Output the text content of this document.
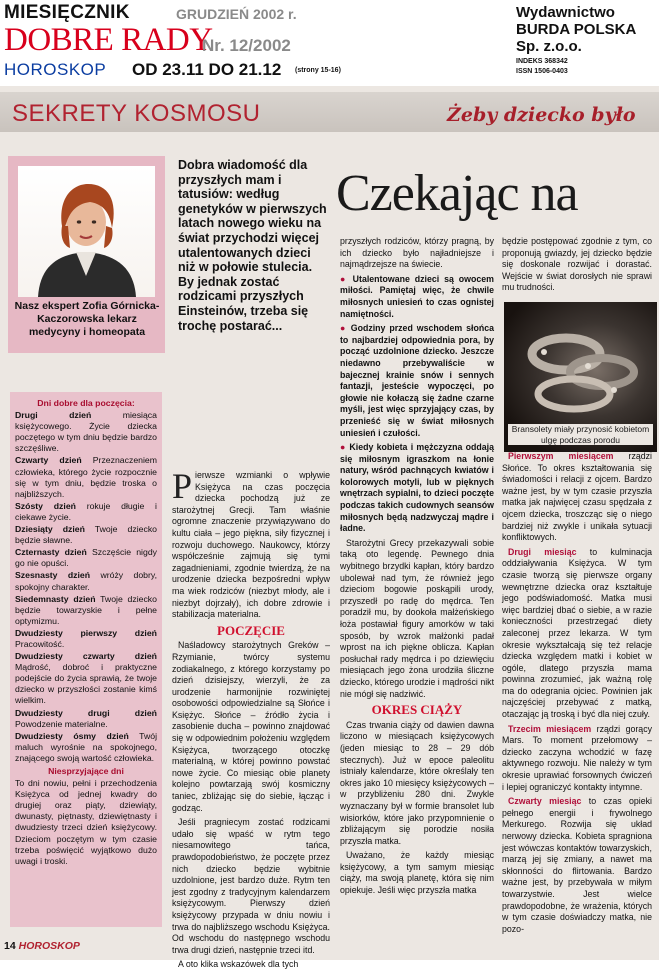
MIESIĘCZNIK	GRUDZIEŃ 2002 r.
DOBRE RADY
Nr. 12/2002
HOROSKOP OD 23.11 DO 21.12 (strony 15-16)
Wydawnictwo
BURDA POLSKA
Sp. z.o.o.
INDEKS 368342
ISSN 1506-0403
SEKRETY KOSMOSU	Żeby dziecko było
Nasz ekspert Zofia Górnicka-Kaczorowska lekarz medycyny i homeopata
Dobra wiadomość dla przyszłych mam i tatusiów: według genetyków w pierwszych latach nowego wieku na świat przychodzi więcej utalentowanych dzieci niż w połowie stulecia. By jednak zostać rodzicami przyszłych Einsteinów, trzeba się trochę postarać...
Czekając na
Dni dobre dla poczęcia:
Drugi dzień miesiąca księżycowego. Życie dziecka poczętego w tym dniu będzie bardzo szczęśliwe.
Czwarty dzień Przeznaczeniem człowieka, którego życie rozpocznie się w tym dniu, będzie troska o najbliższych.
Szósty dzień rokuje długie i ciekawe życie.
Dziesiąty dzień Twoje dziecko będzie sławne.
Czternasty dzień Szczęście nigdy go nie opuści.
Szesnasty dzień wróży dobry, spokojny charakter.
Siedemnasty dzień Twoje dziecko będzie towarzyskie i pełne optymizmu.
Dwudziesty pierwszy dzień Pracowitość.
Dwudziesty czwarty dzień Mądrość, dobroć i praktyczne podejście do życia sprawią, że twoje dziecko w przyszłości zostanie kimś wielkim.
Dwudziesty drugi dzień Powodzenie materialne.
Dwudziesty ósmy dzień Twój maluch wyrośnie na spokojnego, znającego swoją wartość człowieka.
Niesprzyjające dni
To dni nowiu, pełni i przechodzenia Księżyca od jednej kwadry do drugiej oraz piąty, dziewiąty, dwunasty, piętnasty, dziewiętnasty i dwudziesty trzeci dzień księżycowy. Dzieciom poczętym w tym czasie trzeba poświęcić wyjątkowo dużo uwagi i troski.

Pierwsze wzmianki o wpływie Księżyca na czas poczęcia dziecka pochodzą już ze starożytnej Grecji. Tam właśnie ogromne znaczenie przywiązywano do kultu ciała – jego piękna, siły fizycznej i rozwoju duchowego. Naukowcy, którzy współcześnie zajmują się tymi zagadnieniami, zgodnie twierdzą, że na urodzenie dziecka bezpośredni wpływ ma wiek rodziców (niezbyt młody, ale i niezbyt dojrzały), ich dobre zdrowie i stabilizacja materialna.

POCZĘCIE

Naśladowcy starożytnych Greków – Rzymianie, twórcy systemu zodiakalnego, z którego korzystamy po dzień dzisiejszy, wierzyli, że za urodzenie harmonijnie rozwiniętej osobowości odpowiedzialne są Słońce i Księżyc. Słońce – źródło życia i zasobienie ducha – powinno znajdować się w odpowiednim położeniu względem Księżyca, tworzącego otoczkę materialną, w której powinno powstać nowe życie. Co miesiąc obie planety kolejno powtarzają swój kosmiczny taniec, zbliżając się do siebie, łącząc i godząc.

Jeśli pragniecym zostać rodzicami udało się wpaść w rytm tego niesamowitego tańca, prawdopodobieństwo, że poczęte przez nich dziecko będzie wybitnie uzdolnione, jest bardzo duże. Rytm ten jest zgodny z tradycyjnym kalendarzem księżycowym. Pierwszy dzień księżycowy przypada w dniu nowiu i trwa do najbliższego wschodu Księżyca. Od wschodu do następnego wschodu trwa drugi dzień, następnie trzeci itd.

A oto klika wskazówek dla tych

przyszłych rodziców, którzy pragną, by ich dziecko było najładniejsze i najmądrzejsze na świecie.

● Utalentowane dzieci są owocem miłości. Pamiętaj więc, że chwile miłosnych uniesień to czas ognistej namiętności.

● Godziny przed wschodem słońca to najbardziej odpowiednia pora, by począć uzdolnione dziecko. Jeszcze niedawno przebywaliście w bajecznej krainie snów i sennych fantazji, jesteście wypoczęci, po głowie nie kołaczą się żadne czarne myśli, jest więc sprzyjający czas, by przenieść się w świat miłosnych uniesień i czułości.

● Kiedy kobieta i mężczyzna oddają się miłosnym igraszkom na łonie natury, wśród pachnących kwiatów i kolorowych motyli, lub w pięknych wnętrzach sypialni, to dzieci poczęte podczas takich cudownych seansów miłosnych będą nadzwyczaj mądre i ładne.

Starożytni Grecy przekazywali sobie taką oto legendę. Pewnego dnia wybitnego brzydki kapłan, który bardzo ubolewał nad tym, że również jego dzieciom bogowie poskąpili urody, przyszedł po radę do mędrca. Ten poradził mu, by dookoła małżeńskiego łoża postawiał figury amorków w taki sposób, by wzrok małżonki padał wprost na ich piękne oblicza. Kapłan posłuchał rady mędrca i po dziewięciu miesiącach jego żona urodziła śliczne dziecko, którego urodzie i mądrości nikt nie mógł się nadziwić.

OKRES CIĄŻY

Czas trwania ciąży od dawien dawna liczono w miesiącach księżycowych (jeden miesiąc to 28 – 29 dób stecznych). Już w epoce paleolitu istniały kalendarze, które określały ten okres jako 10 miesięcy księżycowych – w przybliżeniu 280 dni. Zwykle wyznaczany był w formie bransolet lub wisiorków, które jako przypomnienie o zbliżającym się porodzie nosiła przyszła matka.

Uważano, że każdy miesiąc księżycowy, a tym samym miesiąc ciąży, ma swoją planetę, która się nim opiekuje. Jeśli więc przyszła matka

będzie postępować zgodnie z tym, co proponują gwiazdy, jej dziecko będzie się doskonale rozwijać i dorastać. Wejście w świat dorosłych nie sprawi mu trudności.

Bransolety miały przynosić kobietom ulgę podczas porodu

Pierwszym miesiącem rządzi Słońce. To okres kształtowania się świadomości i relacji z ojcem. Bardzo ważne jest, by w tym czasie przyszła matka jak najwięcej czasu spędzała z ojcem dziecka, troszcząc się o niego bardziej niż zwykle i unikała sytuacji konfliktowych.

Drugi miesiąc to kulminacja oddziaływania Księżyca. W tym czasie tworzą się pierwsze organy wewnętrzne dziecka oraz kształtuje jego podświadomość. Matka musi więc bardziej dbać o siebie, a w razie konieczności przestrzegać diety zaleconej przez lekarza. W tym okresie wykształcają się też relacje dziecka względem matki i kobiet w ogóle, dlatego przyszła mama powinna zrozumieć, jak ważną rolę ma do odegrania ojciec. Powinien jak najczęściej przebywać z matką, otaczając ją troską i być dla niej czuły.

Trzecim miesiącem rządzi gorący Mars. To moment przełomowy – dziecko zaczyna wchodzić w fazę aktywnego rozwoju. Nie należy w tym okresie uprawiać forsownych ćwiczeń i lepiej ograniczyć kontakty intymne.

Czwarty miesiąc to czas opieki pełnego energii i frywolnego Merkurego. Rozwija się układ nerwowy dziecka. Kobieta spragniona jest wówczas kontaktów towarzyskich, marzą jej się zmiany, a nawet ma skłonności do flirtowania. Bardzo ważne jest, by przebywała w miłym towarzystwie. Jest wielce prawdopodobne, że wrażenia, których w tym czasie doświadczy matka, nie pozo-

14 HOROSKOP
